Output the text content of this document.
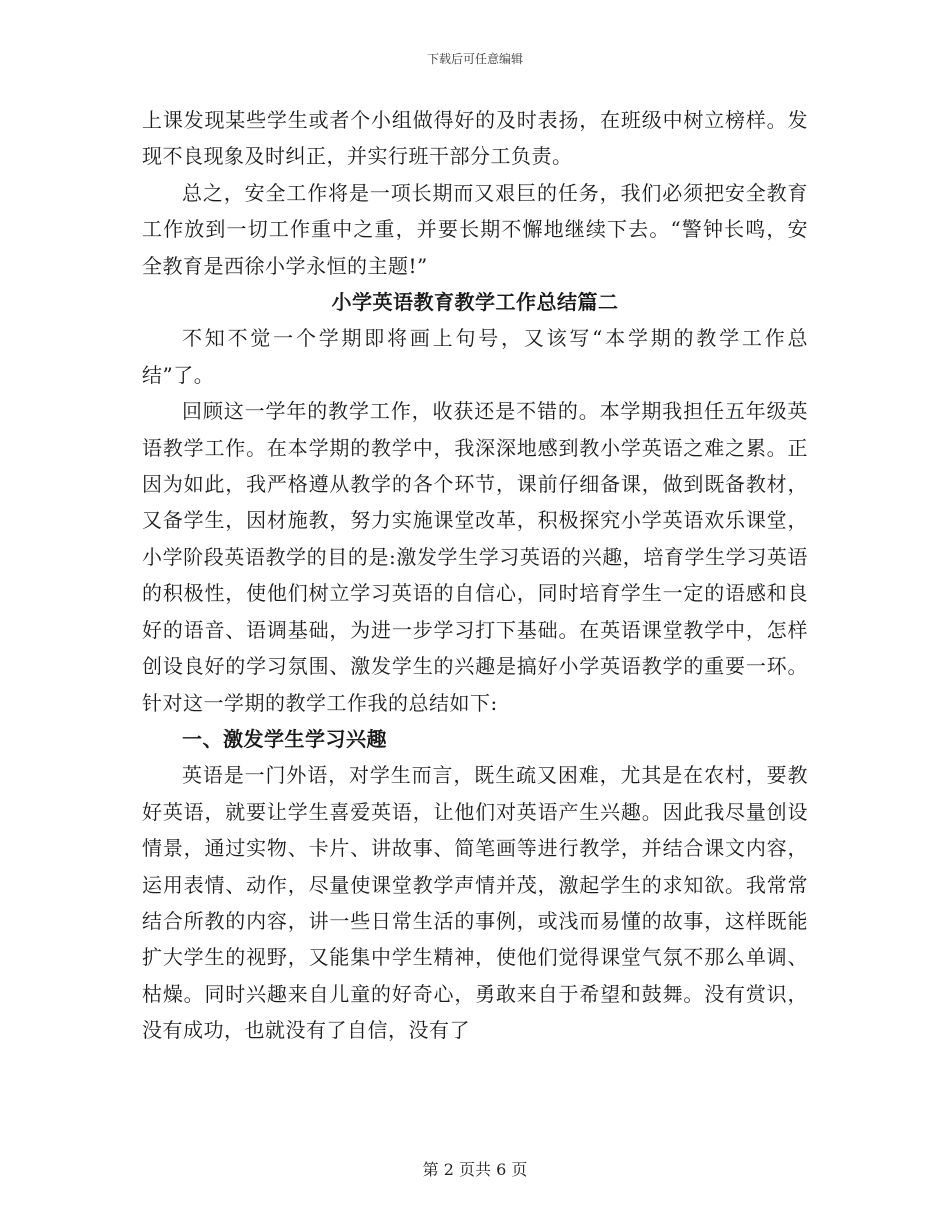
下载后可任意编辑

上课发现某些学生或者个小组做得好的及时表扬，在班级中树立榜样。发现不良现象及时纠正，并实行班干部分工负责。

总之，安全工作将是一项长期而又艰巨的任务，我们必须把安全教育工作放到一切工作重中之重，并要长期不懈地继续下去。“警钟长鸣，安全教育是西徐小学永恒的主题!”

小学英语教育教学工作总结篇二

不知不觉一个学期即将画上句号，又该写“本学期的教学工作总结”了。

回顾这一学年的教学工作，收获还是不错的。本学期我担任五年级英语教学工作。在本学期的教学中，我深深地感到教小学英语之难之累。正因为如此，我严格遵从教学的各个环节，课前仔细备课，做到既备教材，又备学生，因材施教，努力实施课堂改革，积极探究小学英语欢乐课堂，小学阶段英语教学的目的是:激发学生学习英语的兴趣，培育学生学习英语的积极性，使他们树立学习英语的自信心，同时培育学生一定的语感和良好的语音、语调基础，为进一步学习打下基础。在英语课堂教学中，怎样创设良好的学习氛围、激发学生的兴趣是搞好小学英语教学的重要一环。针对这一学期的教学工作我的总结如下:

一、激发学生学习兴趣

英语是一门外语，对学生而言，既生疏又困难，尤其是在农村，要教好英语，就要让学生喜爱英语，让他们对英语产生兴趣。因此我尽量创设情景，通过实物、卡片、讲故事、简笔画等进行教学，并结合课文内容，运用表情、动作，尽量使课堂教学声情并茂，激起学生的求知欲。我常常结合所教的内容，讲一些日常生活的事例，或浅而易懂的故事，这样既能扩大学生的视野，又能集中学生精神，使他们觉得课堂气氛不那么单调、枯燥。同时兴趣来自儿童的好奇心，勇敢来自于希望和鼓舞。没有赏识，没有成功，也就没有了自信，没有了

第 2 页共 6 页
